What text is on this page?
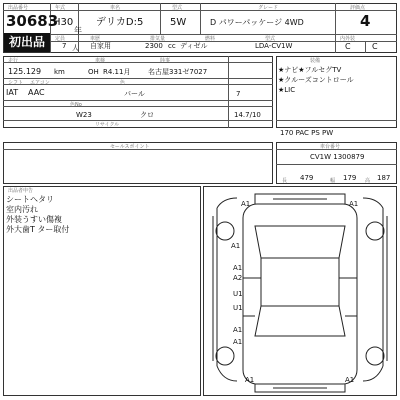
出品番号	年式	車名	型式	グレード	評価点
30683
初出品
H30
年
デリカD:5	5W	D パワーパッケージ 4WD	4
定員	車歴	排気量	燃料	型式	内外装
7 人 自家用	2300 cc ディゼル	LDA-CV1W	C	C
走行	車検	陸事
125.129 km	OH R4.11月	名古屋331ゼ7027
シフト エアコン	色
IAT AAC	パール	7
色No
W23	クロ	14.7/10
リサイクル
装備
★ナビ★フルセグTV
★クルーズコントロール
★LIC
170 PAC PS PW
セールスポイント	車台番号
CV1W 1300879
長 479	幅 179 高 187
出品者申告
シートヘタリ
室内汚れ
外装うすい傷複
外大歯T ター取付
A1	A1
A1
A1
A2
U1
U1
A1
A1
A1	A1
